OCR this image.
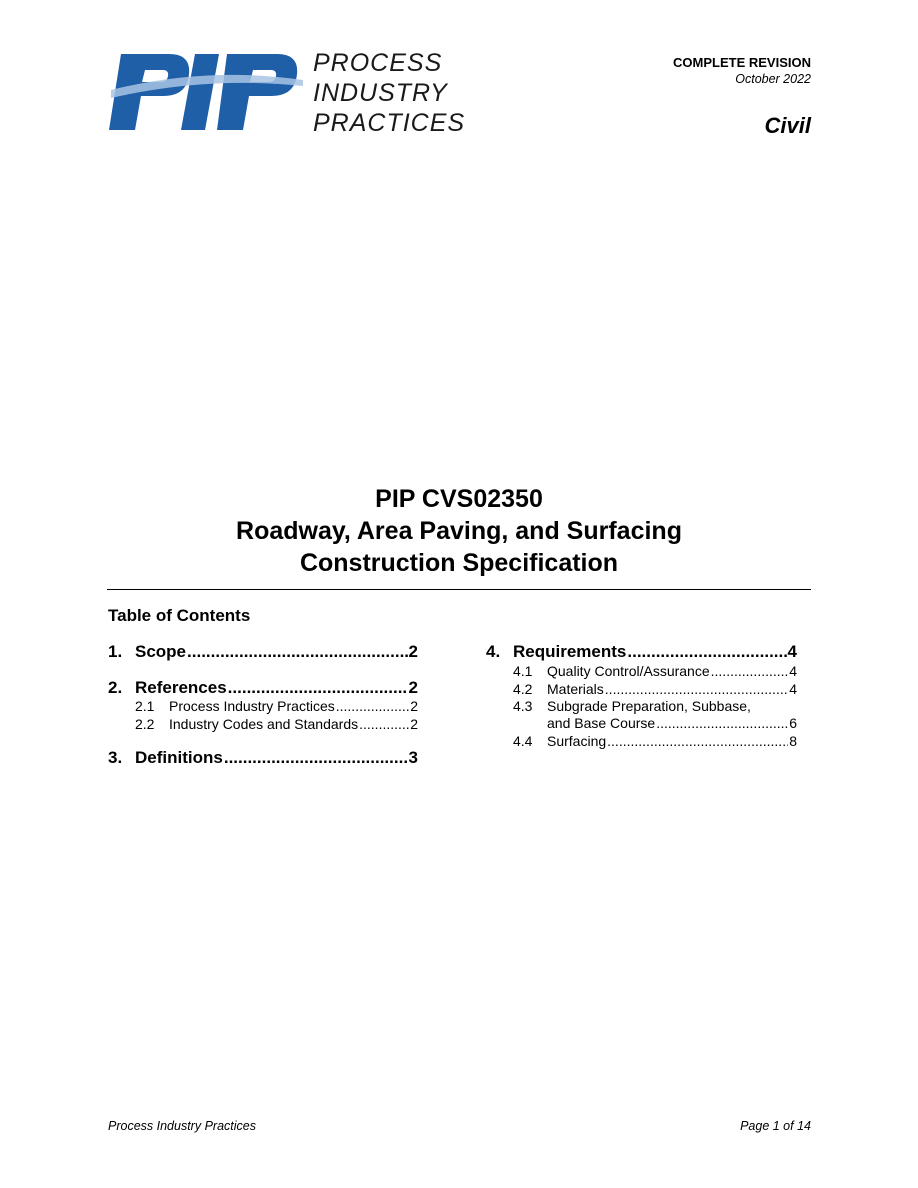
PROCESS
INDUSTRY
PRACTICES
COMPLETE REVISION
October 2022
Civil
PIP CVS02350
Roadway, Area Paving, and Surfacing
Construction Specification
Table of Contents
1. Scope .....	2
2. References .....	2
2.1	Process Industry Practices .....	2
2.2	Industry Codes and Standards .....	2
3. Definitions .....	3
4. Requirements .....	4
4.1	Quality Control/Assurance .....	4
4.2	Materials .....	4
4.3	Subgrade Preparation, Subbase,
and Base Course .....	6
4.4	Surfacing .....	8
Process Industry Practices	Page 1 of 14
